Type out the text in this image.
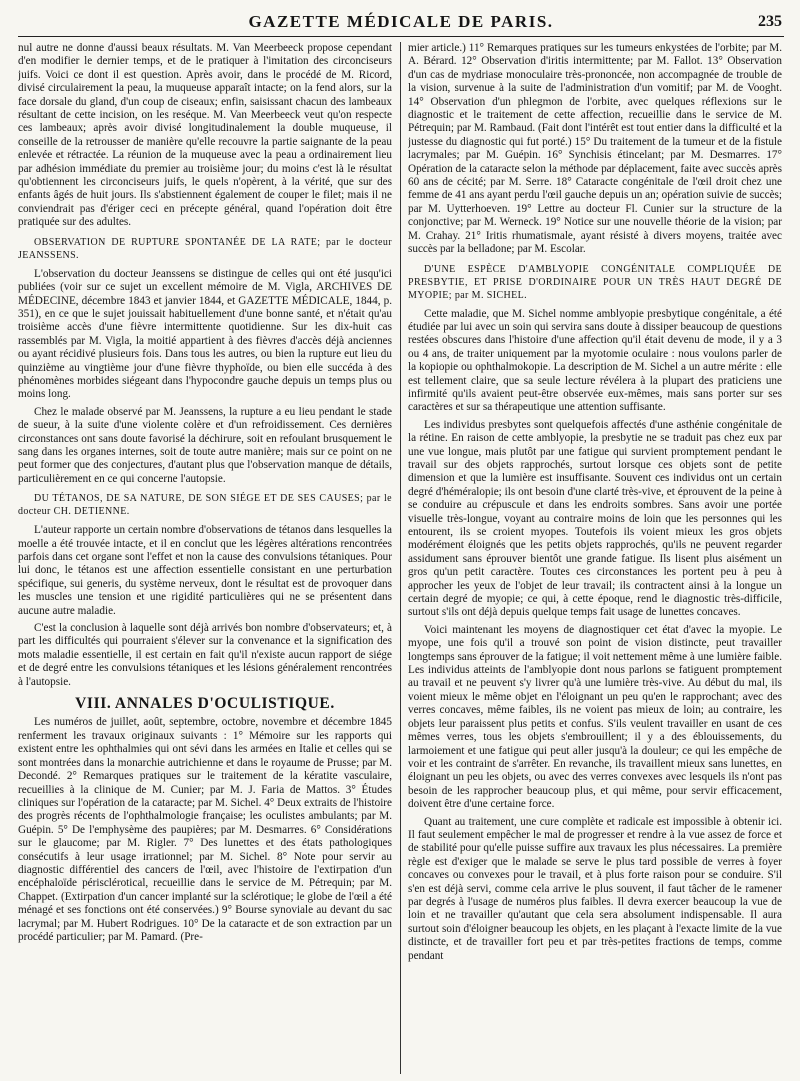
GAZETTE MÉDICALE DE PARIS.	235

nul autre ne donne d'aussi beaux résultats. M. Van Meerbeeck propose cependant d'en modifier le dernier temps, et de le pratiquer à l'imitation des circonciseurs juifs. Voici ce dont il est question. Après avoir, dans le procédé de M. Ricord, divisé circulairement la peau, la muqueuse apparaît intacte; on la fend alors, sur la face dorsale du gland, d'un coup de ciseaux; enfin, saisissant chacun des lambeaux résultant de cette incision, on les reséque. M. Van Meerbeeck veut qu'on respecte ces lambeaux; après avoir divisé longitudinalement la double muqueuse, il conseille de la retrousser de manière qu'elle recouvre la partie saignante de la peau enlevée et rétractée. La réunion de la muqueuse avec la peau a ordinairement lieu par adhésion immédiate du premier au troisième jour; du moins c'est là le résultat qu'obtiennent les circonciseurs juifs, le quels n'opèrent, à la vérité, que sur des enfants âgés de huit jours. Ils s'abstiennent également de couper le filet; mais il ne conviendrait pas d'ériger ceci en précepte général, quand l'opération doit être pratiquée sur des adultes.

OBSERVATION DE RUPTURE SPONTANÉE DE LA RATE; par le docteur JEANSSENS.

L'observation du docteur Jeanssens se distingue de celles qui ont été jusqu'ici publiées (voir sur ce sujet un excellent mémoire de M. Vigla, ARCHIVES DE MÉDECINE, décembre 1843 et janvier 1844, et GAZETTE MÉDICALE, 1844, p. 351), en ce que le sujet jouissait habituellement d'une bonne santé, et n'était qu'au troisième accès d'une fièvre intermittente quotidienne. Sur les dix-huit cas rassemblés par M. Vigla, la moitié appartient à des fièvres d'accès déjà anciennes ou ayant récidivé plusieurs fois. Dans tous les autres, ou bien la rupture eut lieu du quinzième au vingtième jour d'une fièvre thyphoïde, ou bien elle succéda à des phénomènes morbides siégeant dans l'hypocondre gauche depuis un temps plus ou moins long.

Chez le malade observé par M. Jeanssens, la rupture a eu lieu pendant le stade de sueur, à la suite d'une violente colère et d'un refroidissement. Ces dernières circonstances ont sans doute favorisé la déchirure, soit en refoulant brusquement le sang dans les organes internes, soit de toute autre manière; mais sur ce point on ne peut former que des conjectures, d'autant plus que l'observation manque de détails, particulièrement en ce qui concerne l'autopsie.

DU TÉTANOS, DE SA NATURE, DE SON SIÉGE ET DE SES CAUSES; par le docteur CH. DETIENNE.

L'auteur rapporte un certain nombre d'observations de tétanos dans lesquelles la moelle a été trouvée intacte, et il en conclut que les légères altérations rencontrées parfois dans cet organe sont l'effet et non la cause des convulsions tétaniques. Pour lui donc, le tétanos est une affection essentielle consistant en une perturbation spécifique, sui generis, du système nerveux, dont le résultat est de provoquer dans les muscles une tension et une rigidité particulières qui ne se présentent dans aucune autre maladie.

C'est la conclusion à laquelle sont déjà arrivés bon nombre d'observateurs; et, à part les difficultés qui pourraient s'élever sur la convenance et la signification des mots maladie essentielle, il est certain en fait qu'il n'existe aucun rapport de siége et de degré entre les convulsions tétaniques et les lésions généralement rencontrées à l'autopsie.

VIII. ANNALES D'OCULISTIQUE.

Les numéros de juillet, août, septembre, octobre, novembre et décembre 1845 renferment les travaux originaux suivants : 1° Mémoire sur les rapports qui existent entre les ophthalmies qui ont sévi dans les armées en Italie et celles qui se sont montrées dans la monarchie autrichienne et dans le royaume de Prusse; par M. Decondé. 2° Remarques pratiques sur le traitement de la kératite vasculaire, recueillies à la clinique de M. Cunier; par M. J. Faria de Mattos. 3° Études cliniques sur l'opération de la cataracte; par M. Sichel. 4° Deux extraits de l'histoire des progrès récents de l'ophthalmologie française; les oculistes ambulants; par M. Guépin. 5° De l'emphysème des paupières; par M. Desmarres. 6° Considérations sur le glaucome; par M. Rigler. 7° Des lunettes et des états pathologiques consécutifs à leur usage irrationnel; par M. Sichel. 8° Note pour servir au diagnostic différentiel des cancers de l'œil, avec l'histoire de l'extirpation d'un encéphaloïde périsclérotical, recueillie dans le service de M. Pétrequin; par M. Chappet. (Extirpation d'un cancer implanté sur la sclérotique; le globe de l'œil a été ménagé et ses fonctions ont été conservées.) 9° Bourse synoviale au devant du sac lacrymal; par M. Hubert Rodrigues. 10° De la cataracte et de son extraction par un procédé particulier; par M. Pamard. (Pre-

mier article.) 11° Remarques pratiques sur les tumeurs enkystées de l'orbite; par M. A. Bérard. 12° Observation d'iritis intermittente; par M. Fallot. 13° Observation d'un cas de mydriase monoculaire très-prononcée, non accompagnée de trouble de la vision, survenue à la suite de l'administration d'un vomitif; par M. de Vooght. 14° Observation d'un phlegmon de l'orbite, avec quelques réflexions sur le diagnostic et le traitement de cette affection, recueillie dans le service de M. Pétrequin; par M. Rambaud. (Fait dont l'intérêt est tout entier dans la difficulté et la justesse du diagnostic qui fut porté.) 15° Du traitement de la tumeur et de la fistule lacrymales; par M. Guépin. 16° Synchisis étincelant; par M. Desmarres. 17° Opération de la cataracte selon la méthode par déplacement, faite avec succès après 60 ans de cécité; par M. Serre. 18° Cataracte congénitale de l'œil droit chez une femme de 41 ans ayant perdu l'œil gauche depuis un an; opération suivie de succès; par M. Uytterhoeven. 19° Lettre au docteur Fl. Cunier sur la structure de la conjonctive; par M. Werneck. 19° Notice sur une nouvelle théorie de la vision; par M. Crahay. 21° Iritis rhumatismale, ayant résisté à divers moyens, traitée avec succès par la belladone; par M. Escolar.

D'UNE ESPÈCE D'AMBLYOPIE CONGÉNITALE COMPLIQUÉE DE PRESBYTIE, ET PRISE D'ORDINAIRE POUR UN TRÈS HAUT DEGRÉ DE MYOPIE; par M. SICHEL.

Cette maladie, que M. Sichel nomme amblyopie presbytique congénitale, a été étudiée par lui avec un soin qui servira sans doute à dissiper beaucoup de questions restées obscures dans l'histoire d'une affection qu'il était devenu de mode, il y a 3 ou 4 ans, de traiter uniquement par la myotomie oculaire : nous voulons parler de la kopiopie ou ophthalmokopie. La description de M. Sichel a un autre mérite : elle est tellement claire, que sa seule lecture révélera à la plupart des praticiens une infirmité qu'ils avaient peut-être observée eux-mêmes, mais sans porter sur ses caractères et sur sa thérapeutique une attention suffisante.

Les individus presbytes sont quelquefois affectés d'une asthénie congénitale de la rétine. En raison de cette amblyopie, la presbytie ne se traduit pas chez eux par une vue longue, mais plutôt par une fatigue qui survient promptement pendant le travail sur des objets rapprochés, surtout lorsque ces objets sont de petite dimension et que la lumière est insuffisante. Souvent ces individus ont un certain degré d'héméralopie; ils ont besoin d'une clarté très-vive, et éprouvent de la peine à se conduire au crépuscule et dans les endroits sombres. Sans avoir une portée visuelle très-longue, voyant au contraire moins de loin que les personnes qui les entourent, ils se croient myopes. Toutefois ils voient mieux les gros objets modérément éloignés que les petits objets rapprochés, qu'ils ne peuvent regarder assidument sans éprouver bientôt une grande fatigue. Ils lisent plus aisément un gros qu'un petit caractère. Toutes ces circonstances les portent peu à peu à approcher les yeux de l'objet de leur travail; ils contractent ainsi à la longue un certain degré de myopie; ce qui, à cette époque, rend le diagnostic très-difficile, surtout s'ils ont déjà depuis quelque temps fait usage de lunettes concaves.

Voici maintenant les moyens de diagnostiquer cet état d'avec la myopie. Le myope, une fois qu'il a trouvé son point de vision distincte, peut travailler longtemps sans éprouver de la fatigue; il voit nettement même à une lumière faible. Les individus atteints de l'amblyopie dont nous parlons se fatiguent promptement au travail et ne peuvent s'y livrer qu'à une lumière très-vive. Au début du mal, ils voient mieux le même objet en l'éloignant un peu qu'en le rapprochant; avec des verres concaves, même faibles, ils ne voient pas mieux de loin; au contraire, les objets leur paraissent plus petits et confus. S'ils veulent travailler en usant de ces mêmes verres, tous les objets s'embrouillent; il y a des éblouissements, du larmoiement et une fatigue qui peut aller jusqu'à la douleur; ce qui les empêche de voir et les contraint de s'arrêter. En revanche, ils travaillent mieux sans lunettes, en éloignant un peu les objets, ou avec des verres convexes avec lesquels ils n'ont pas besoin de les rapprocher beaucoup plus, et qui même, pour servir efficacement, doivent être d'une certaine force.

Quant au traitement, une cure complète et radicale est impossible à obtenir ici. Il faut seulement empêcher le mal de progresser et rendre à la vue assez de force et de stabilité pour qu'elle puisse suffire aux travaux les plus nécessaires. La première règle est d'exiger que le malade se serve le plus tard possible de verres à foyer concaves ou convexes pour le travail, et à plus forte raison pour se conduire. S'il s'en est déjà servi, comme cela arrive le plus souvent, il faut tâcher de le ramener par degrés à l'usage de numéros plus faibles. Il devra exercer beaucoup la vue de loin et ne travailler qu'autant que cela sera absolument indispensable. Il aura surtout soin d'éloigner beaucoup les objets, en les plaçant à l'exacte limite de la vue distincte, et de travailler fort peu et par très-petites fractions de temps, comme pendant
